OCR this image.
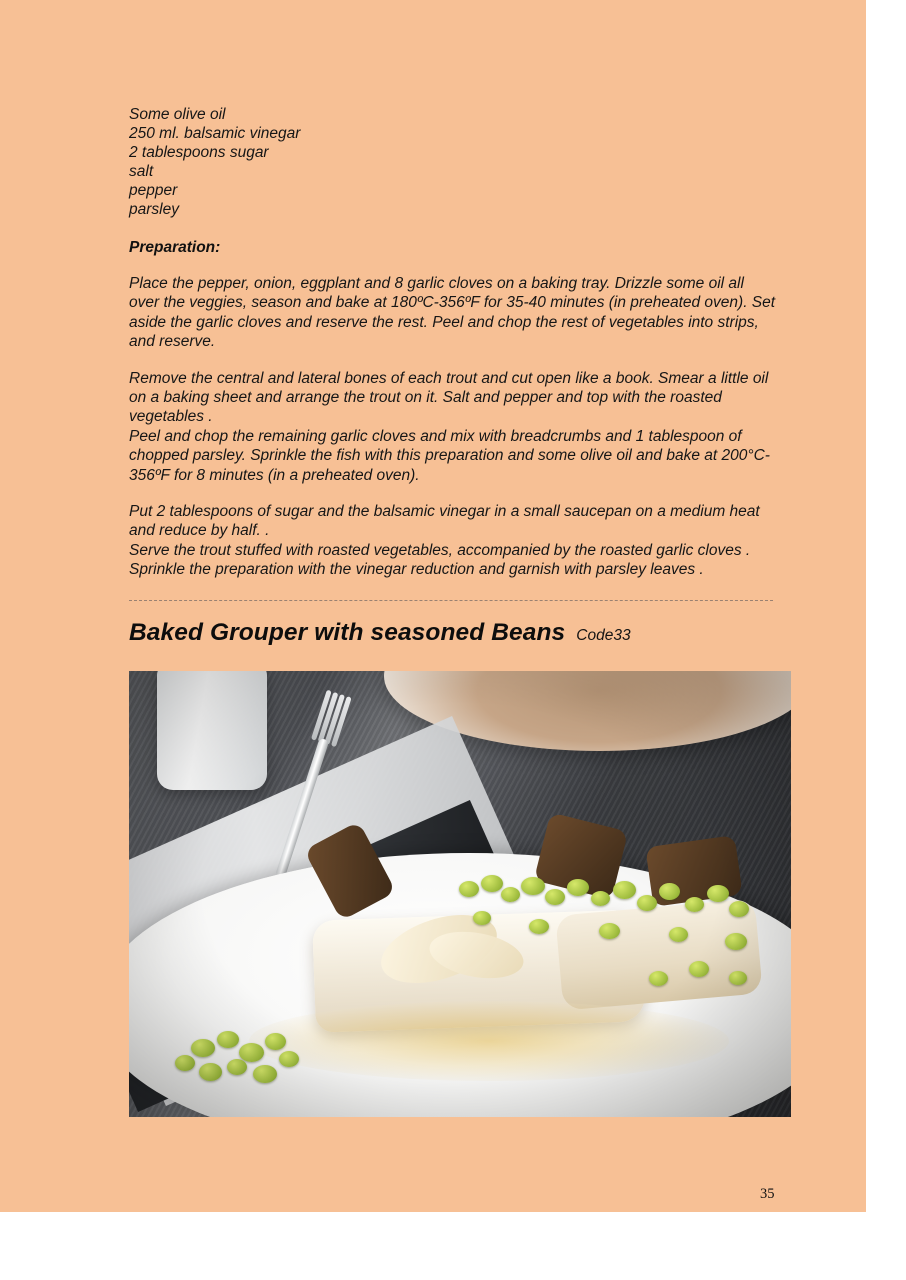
Some olive oil
250 ml. balsamic vinegar
2 tablespoons sugar
salt
pepper
parsley
Preparation:
Place the pepper, onion, eggplant and 8 garlic cloves on a baking tray. Drizzle some oil all over the veggies, season and bake at 180ºC-356ºF for 35-40 minutes (in preheated oven). Set aside the garlic cloves and reserve the rest. Peel and chop the rest of vegetables into strips, and reserve.
Remove the central and lateral bones of each trout and cut open like a book. Smear a little oil on a baking sheet and arrange the trout on it. Salt and pepper and top with the roasted vegetables .
Peel and chop the remaining garlic cloves and mix with breadcrumbs and 1 tablespoon of chopped parsley. Sprinkle the fish with this preparation and some olive oil and bake at 200°C-356ºF for 8 minutes (in a preheated oven).
Put 2 tablespoons of sugar and the balsamic vinegar in a small saucepan on a medium heat and reduce by half. .
Serve the trout stuffed with roasted vegetables, accompanied by the roasted garlic cloves . Sprinkle the preparation with the vinegar reduction and garnish with parsley leaves .
Baked Grouper with seasoned Beans Code33
35
